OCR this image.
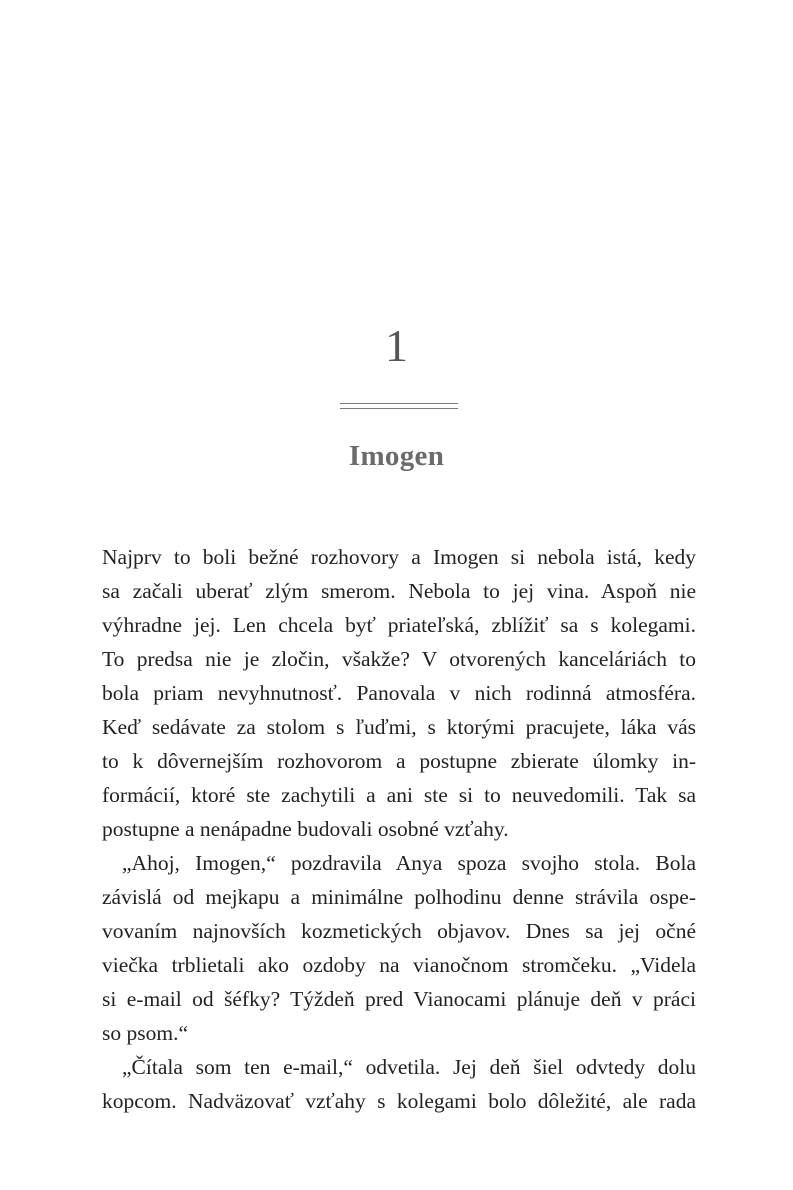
1
Imogen
Najprv to boli bežné rozhovory a Imogen si nebola istá, kedy
sa začali uberať zlým smerom. Nebola to jej vina. Aspoň nie
výhradne jej. Len chcela byť priateľská, zblížiť sa s kolegami.
To predsa nie je zločin, všakže? V otvorených kanceláriách to
bola priam nevyhnutnosť. Panovala v nich rodinná atmosféra.
Keď sedávate za stolom s ľuďmi, s ktorými pracujete, láka vás
to k dôvernejším rozhovorom a postupne zbierate úlomky in-
formácií, ktoré ste zachytili a ani ste si to neuvedomili. Tak sa
postupne a nenápadne budovali osobné vzťahy.
„Ahoj, Imogen,“ pozdravila Anya spoza svojho stola. Bola
závislá od mejkapu a minimálne polhodinu denne strávila ospe-
vovaním najnovších kozmetických objavov. Dnes sa jej očné
viečka trblietali ako ozdoby na vianočnom stromčeku. „Videla
si e-mail od šéfky? Týždeň pred Vianocami plánuje deň v práci
so psom.“
„Čítala som ten e-mail,“ odvetila. Jej deň šiel odvtedy dolu
kopcom. Nadväzovať vzťahy s kolegami bolo dôležité, ale rada
